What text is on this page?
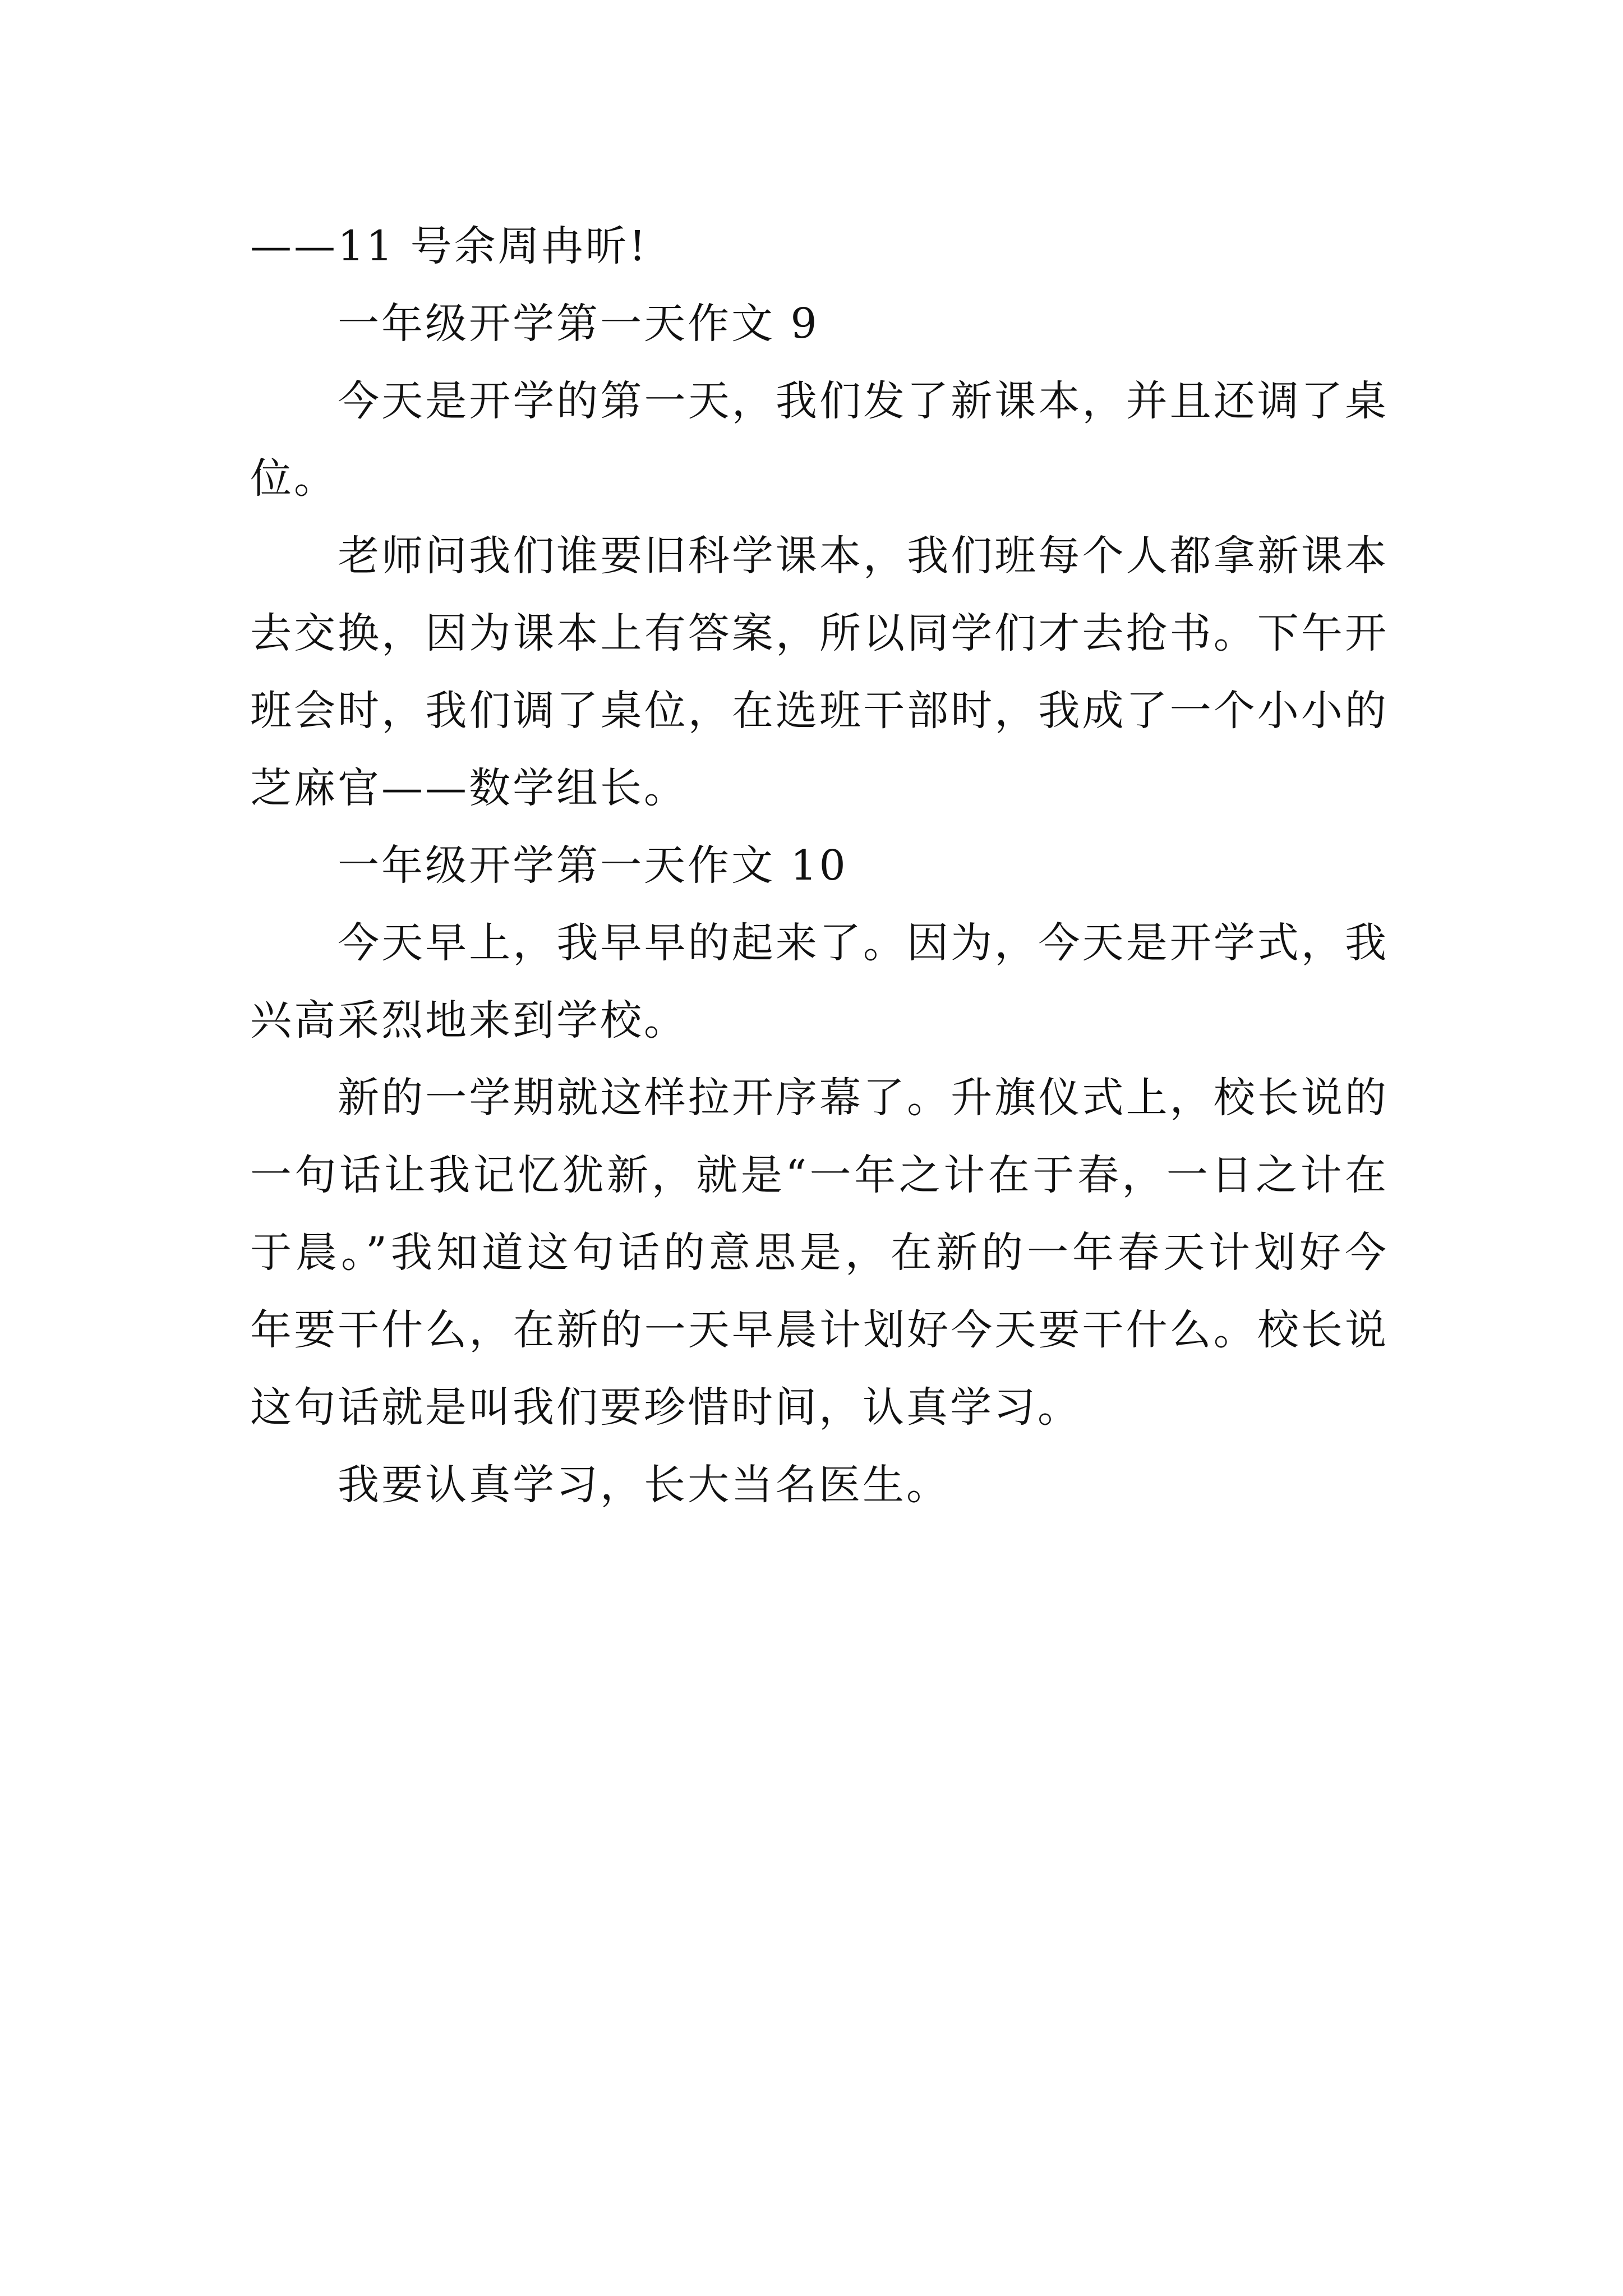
——11 号余周冉昕!
一年级开学第一天作文 9
今天是开学的第一天，我们发了新课本，并且还调了桌
位。
老师问我们谁要旧科学课本，我们班每个人都拿新课本
去交换，因为课本上有答案，所以同学们才去抢书。下午开
班会时，我们调了桌位，在选班干部时，我成了一个小小的
芝麻官——数学组长。
一年级开学第一天作文 10
今天早上，我早早的起来了。因为，今天是开学式，我
兴高采烈地来到学校。
新的一学期就这样拉开序幕了。升旗仪式上，校长说的
一句话让我记忆犹新，就是“一年之计在于春，一日之计在
于晨。”我知道这句话的意思是，在新的一年春天计划好今
年要干什么，在新的一天早晨计划好今天要干什么。校长说
这句话就是叫我们要珍惜时间，认真学习。
我要认真学习，长大当名医生。
